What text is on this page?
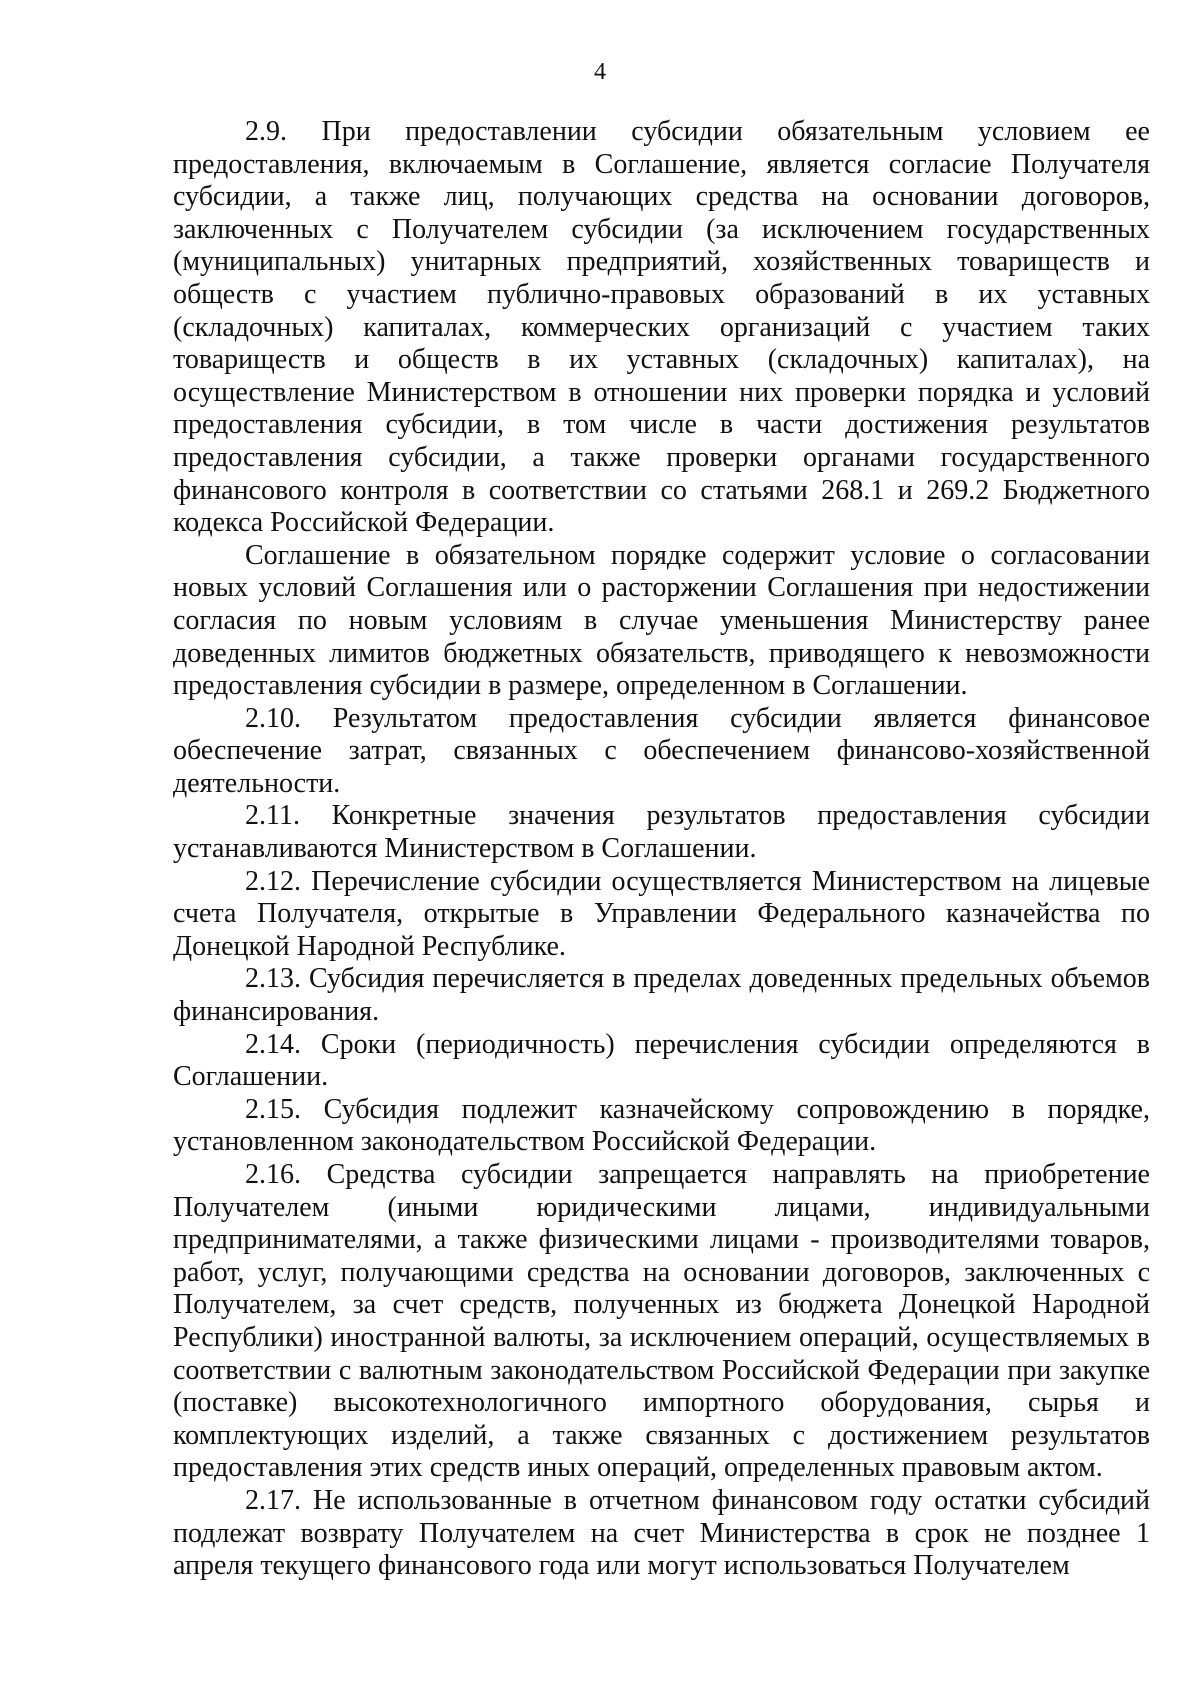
4

2.9. При предоставлении субсидии обязательным условием ее предоставления, включаемым в Соглашение, является согласие Получателя субсидии, а также лиц, получающих средства на основании договоров, заключенных с Получателем субсидии (за исключением государственных (муниципальных) унитарных предприятий, хозяйственных товариществ и обществ с участием публично-правовых образований в их уставных (складочных) капиталах, коммерческих организаций с участием таких товариществ и обществ в их уставных (складочных) капиталах), на осуществление Министерством в отношении них проверки порядка и условий предоставления субсидии, в том числе в части достижения результатов предоставления субсидии, а также проверки органами государственного финансового контроля в соответствии со статьями 268.1 и 269.2 Бюджетного кодекса Российской Федерации.

Соглашение в обязательном порядке содержит условие о согласовании новых условий Соглашения или о расторжении Соглашения при недостижении согласия по новым условиям в случае уменьшения Министерству ранее доведенных лимитов бюджетных обязательств, приводящего к невозможности предоставления субсидии в размере, определенном в Соглашении.

2.10. Результатом предоставления субсидии является финансовое обеспечение затрат, связанных с обеспечением финансово-хозяйственной деятельности.

2.11. Конкретные значения результатов предоставления субсидии устанавливаются Министерством в Соглашении.

2.12. Перечисление субсидии осуществляется Министерством на лицевые счета Получателя, открытые в Управлении Федерального казначейства по Донецкой Народной Республике.

2.13. Субсидия перечисляется в пределах доведенных предельных объемов финансирования.

2.14. Сроки (периодичность) перечисления субсидии определяются в Соглашении.

2.15. Субсидия подлежит казначейскому сопровождению в порядке, установленном законодательством Российской Федерации.

2.16. Средства субсидии запрещается направлять на приобретение Получателем (иными юридическими лицами, индивидуальными предпринимателями, а также физическими лицами - производителями товаров, работ, услуг, получающими средства на основании договоров, заключенных с Получателем, за счет средств, полученных из бюджета Донецкой Народной Республики) иностранной валюты, за исключением операций, осуществляемых в соответствии с валютным законодательством Российской Федерации при закупке (поставке) высокотехнологичного импортного оборудования, сырья и комплектующих изделий, а также связанных с достижением результатов предоставления этих средств иных операций, определенных правовым актом.

2.17. Не использованные в отчетном финансовом году остатки субсидий подлежат возврату Получателем на счет Министерства в срок не позднее 1 апреля текущего финансового года или могут использоваться Получателем
